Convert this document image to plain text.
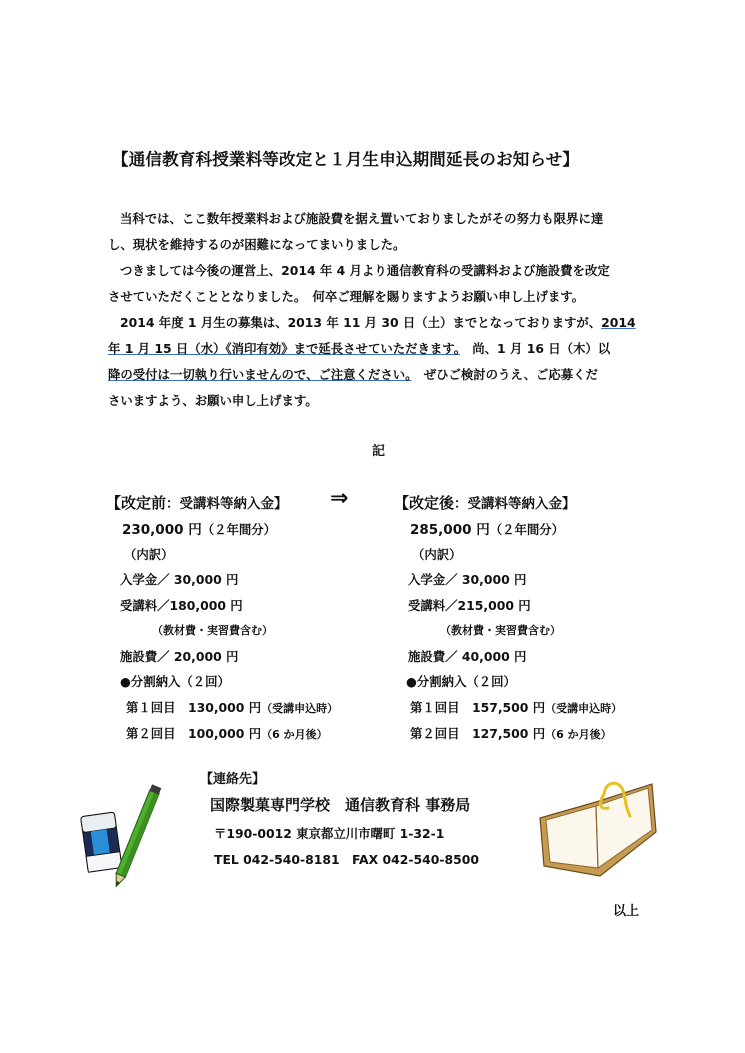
【通信教育科授業料等改定と１月生申込期間延長のお知らせ】

当科では、ここ数年授業料および施設費を据え置いておりましたがその努力も限界に達
し、現状を維持するのが困難になってまいりました。

つきましては今後の運営上、2014 年 4 月より通信教育科の受講料および施設費を改定
させていただくこととなりました。　何卒ご理解を賜りますようお願い申し上げます。

2014 年度 1 月生の募集は、2013 年 11 月 30 日（土）までとなっておりますが、2014
年 1 月 15 日（水）《消印有効》まで延長させていただきます。　尚、1 月 16 日（木）以
降の受付は一切執り行いませんので、ご注意ください。　ぜひご検討のうえ、ご応募くだ
さいますよう、お願い申し上げます。

記
【改定前：受講料等納入金】
230,000 円（２年間分）
（内訳）
入学金／ 30,000 円
受講料／180,000 円
（教材費・実習費含む）
施設費／ 20,000 円
●分割納入（２回）
第１回目　130,000 円（受講申込時）
第２回目　100,000 円（6 か月後）
⇒	【改定後：受講料等納入金】
285,000 円（２年間分）
（内訳）
入学金／ 30,000 円
受講料／215,000 円
（教材費・実習費含む）
施設費／ 40,000 円
●分割納入（２回）
第１回目　157,500 円（受講申込時）
第２回目　127,500 円（6 か月後）
【連絡先】
国際製菓専門学校　通信教育科 事務局
〒190-0012 東京都立川市曙町 1-32-1
TEL 042-540-8181　FAX 042-540-8500
以上
